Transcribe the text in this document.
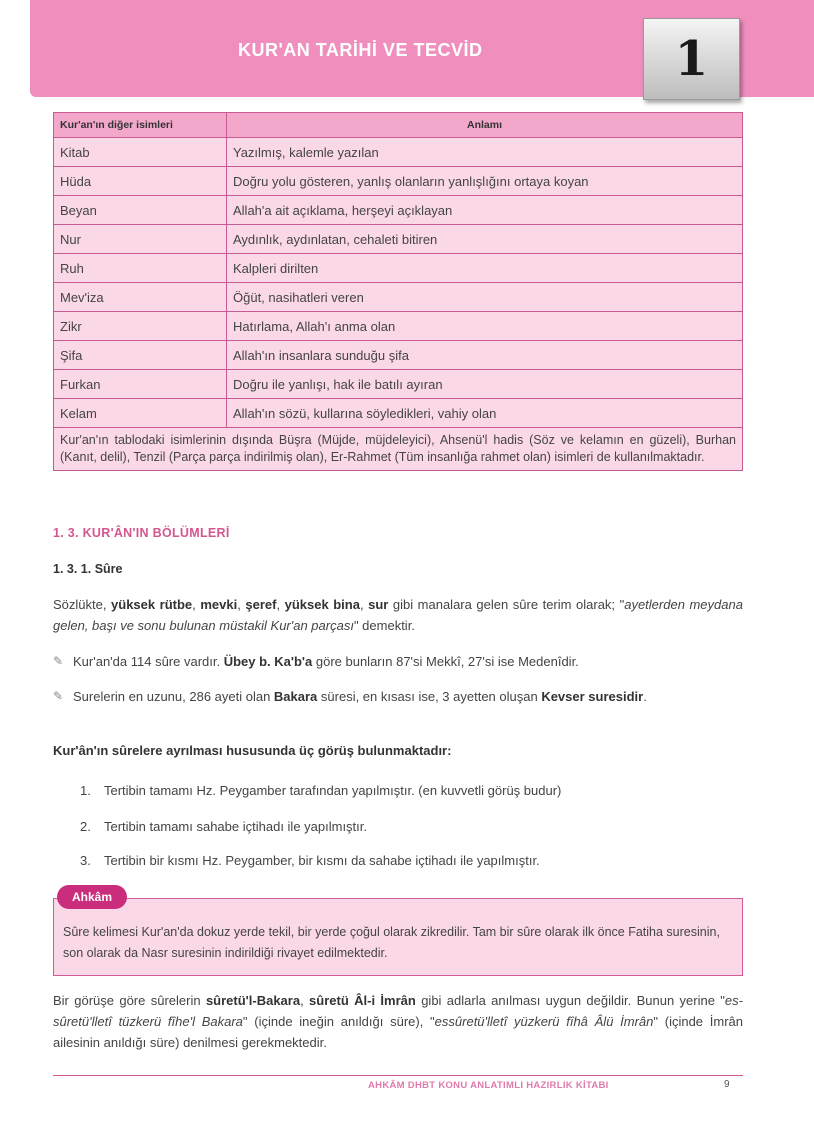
KUR'AN TARİHİ VE TECVİD	1
Kur'an'ın diğer isimleri	Anlamı
Kitab	Yazılmış, kalemle yazılan
Hüda	Doğru yolu gösteren, yanlış olanların yanlışlığını ortaya koyan
Beyan	Allah'a ait açıklama, herşeyi açıklayan
Nur	Aydınlık, aydınlatan, cehaleti bitiren
Ruh	Kalpleri dirilten
Mev'iza	Öğüt, nasihatleri veren
Zikr	Hatırlama, Allah'ı anma olan
Şifa	Allah'ın insanlara sunduğu şifa
Furkan	Doğru ile yanlışı, hak ile batılı ayıran
Kelam	Allah'ın sözü, kullarına söyledikleri, vahiy olan
Kur'an'ın tablodaki isimlerinin dışında Büşra (Müjde, müjdeleyici), Ahsenü'l hadis (Söz ve kelamın en güzeli), Burhan (Kanıt, delil), Tenzil (Parça parça indirilmiş olan), Er-Rahmet (Tüm insanlığa rahmet olan) isimleri de kullanılmaktadır.	
1. 3. KUR'ÂN'IN BÖLÜMLERİ
1. 3. 1. Sûre
Sözlükte, yüksek rütbe, mevki, şeref, yüksek bina, sur gibi manalara gelen sûre terim olarak; "ayetlerden meydana gelen, başı ve sonu bulunan müstakil Kur'an parçası" demektir.
✎ Kur'an'da 114 sûre vardır. Übey b. Ka'b'a göre bunların 87'si Mekkî, 27'si ise Medenîdir.
✎ Surelerin en uzunu, 286 ayeti olan Bakara süresi, en kısası ise, 3 ayetten oluşan Kevser suresidir.
Kur'ân'ın sûrelere ayrılması hususunda üç görüş bulunmaktadır:
1. Tertibin tamamı Hz. Peygamber tarafından yapılmıştır. (en kuvvetli görüş budur)
2. Tertibin tamamı sahabe içtihadı ile yapılmıştır.
3. Tertibin bir kısmı Hz. Peygamber, bir kısmı da sahabe içtihadı ile yapılmıştır.
Ahkâm
Sûre kelimesi Kur'an'da dokuz yerde tekil, bir yerde çoğul olarak zikredilir. Tam bir sûre olarak ilk önce Fatiha suresinin, son olarak da Nasr suresinin indirildiği rivayet edilmektedir.
Bir görüşe göre sûrelerin sûretü'l-Bakara, sûretü Âl-i İmrân gibi adlarla anılması uygun değildir. Bunun yerine "es-sûretü'lletî tüzkerü fîhe'l Bakara" (içinde ineğin anıldığı süre), "essûretü'lletî yüzkerü fîhâ Âlü İmrân" (içinde İmrân ailesinin anıldığı süre) denilmesi gerekmektedir.
AHKÂM DHBT KONU ANLATIMLI HAZIRLIK KİTABI	9
